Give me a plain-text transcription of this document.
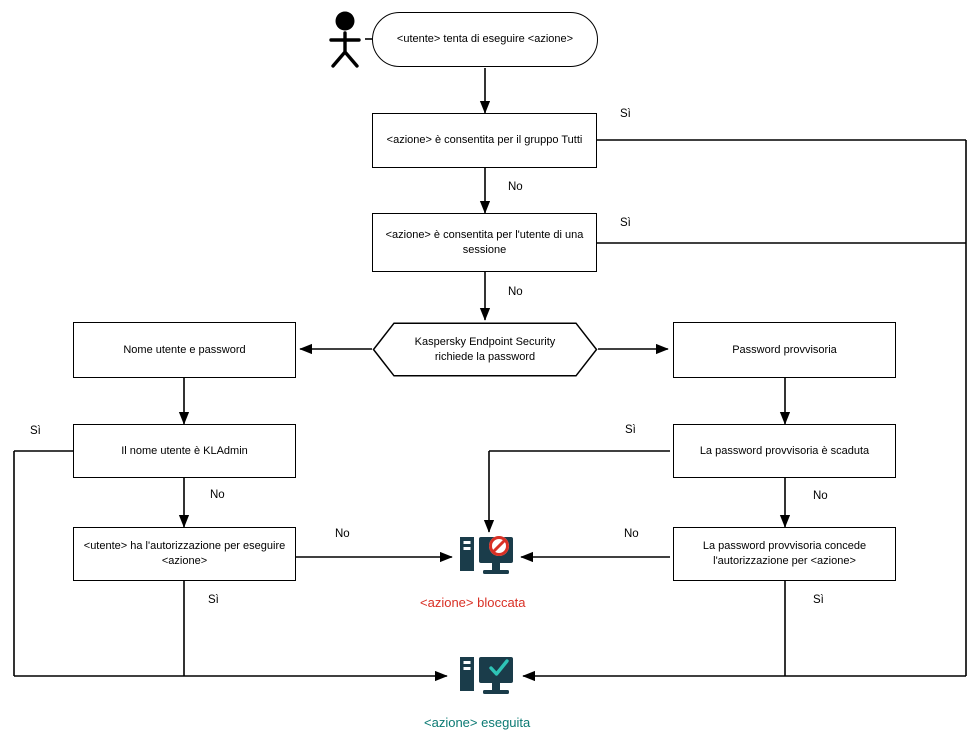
<utente> tenta di eseguire <azione>
<azione> è consentita per il gruppo Tutti
<azione> è consentita per l'utente di una sessione
Kaspersky Endpoint Security richiede la password
Nome utente e password	Password provvisoria
Il nome utente è KLAdmin	La password provvisoria è scaduta
<utente> ha l'autorizzazione per eseguire <azione>
La password provvisoria concede l'autorizzazione per <azione>
<azione> bloccata
<azione> eseguita
Sì
No
Sì
No
Sì
No
Sì
No
No
Sì
No
Sì
